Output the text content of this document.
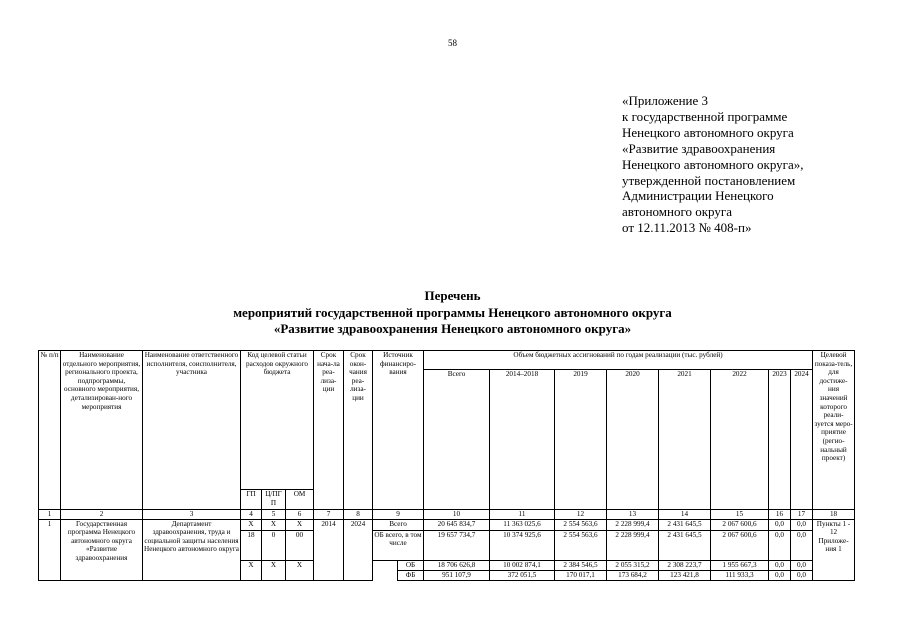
58
«Приложение 3
к государственной программе
Ненецкого автономного округа
«Развитие здравоохранения
Ненецкого автономного округа»,
утвержденной постановлением
Администрации Ненецкого
автономного округа
от 12.11.2013 № 408-п»
Перечень
мероприятий государственной программы Ненецкого автономного округа
«Развитие здравоохранения Ненецкого автономного округа»
№ п/п	Наименование отдельного мероприятия, регионального проекта, подпрограммы, основного мероприятия, детализирован-ного мероприятия	Наименование ответственного исполнителя, соисполнителя, участника	Код целевой статьи расходов окружного бюджета			Срок нача-ла реа-лиза-ции	Срок окон-чания реа-лиза-ции	Источник финансиро-вания		Объем бюджетных ассигнований по годам реализации (тыс. рублей)								Целевой показа-тель, для достиже-ния значений которого реали-зуется меро-приятие (регио-нальный проект)
										Всего	2014–2018	2019	2020	2021	2022	2023	2024	
			ГП	Ц/ПГ П	ОМ													
1	2	3	4	5	6	7	8	9		10	11	12	13	14	15	16	17	18
1	Государственная программа Ненецкого автономного округа «Развитие здравоохранения	Департамент здравоохранения, труда и социальной защиты населения Ненецкого автономного округа	X	X	X	2014	2024	Всего		20 645 834,7	11 363 025,6	2 554 563,6	2 228 999,4	2 431 645,5	2 067 600,6	0,0	0,0	Пункты 1 - 12 Приложе-ния 1
			18	0	00			ОБ всего, в том числе		19 657 734,7	10 374 925,6	2 554 563,6	2 228 999,4	2 431 645,5	2 067 600,6	0,0	0,0	
			X	X	X				ОБ	18 706 626,8	10 002 874,1	2 384 546,5	2 055 315,2	2 308 223,7	1 955 667,3	0,0	0,0	
									ФБ	951 107,9	372 051,5	170 017,1	173 684,2	123 421,8	111 933,3	0,0	0,0	
